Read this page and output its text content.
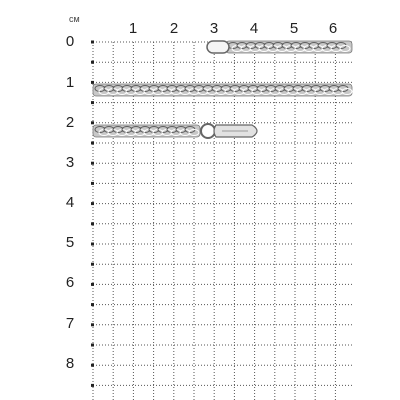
см
1	2	3	4	5	6
0
1
2
3
4
5
6
7
8
